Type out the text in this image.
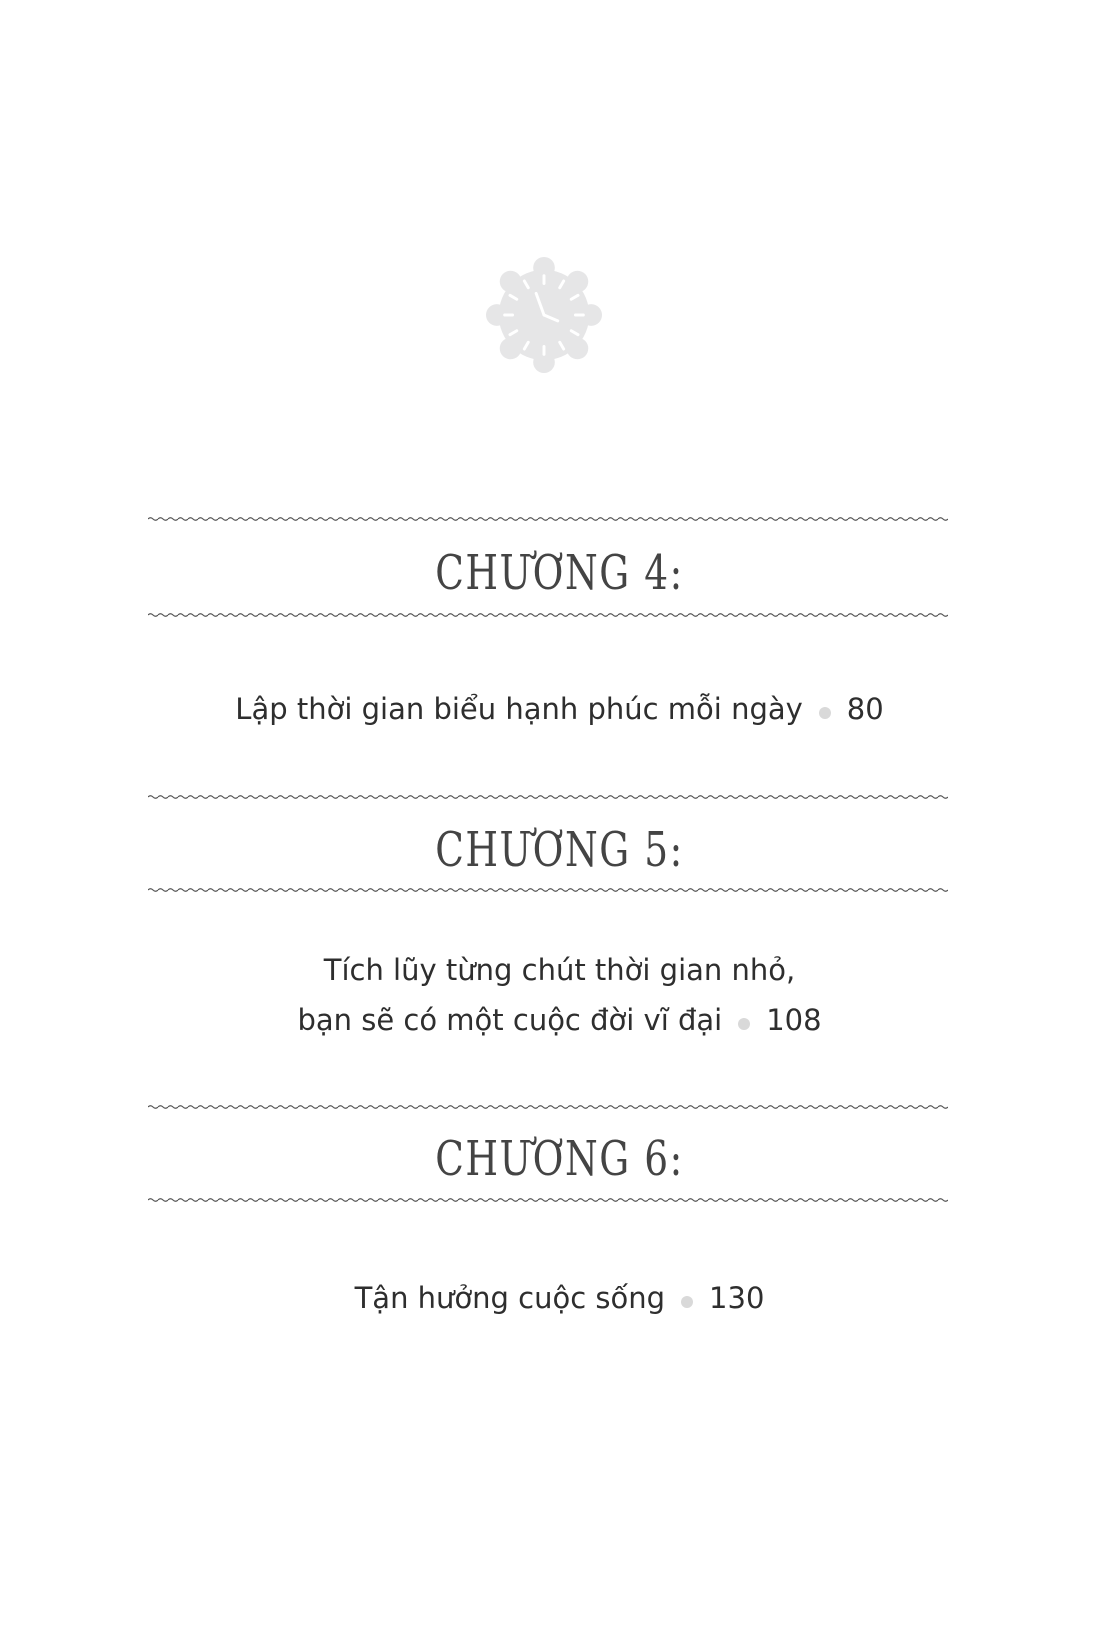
CHƯƠNG 4:
Lập thời gian biểu hạnh phúc mỗi ngày 80
CHƯƠNG 5:
Tích lũy từng chút thời gian nhỏ,
bạn sẽ có một cuộc đời vĩ đại 108
CHƯƠNG 6:
Tận hưởng cuộc sống 130
